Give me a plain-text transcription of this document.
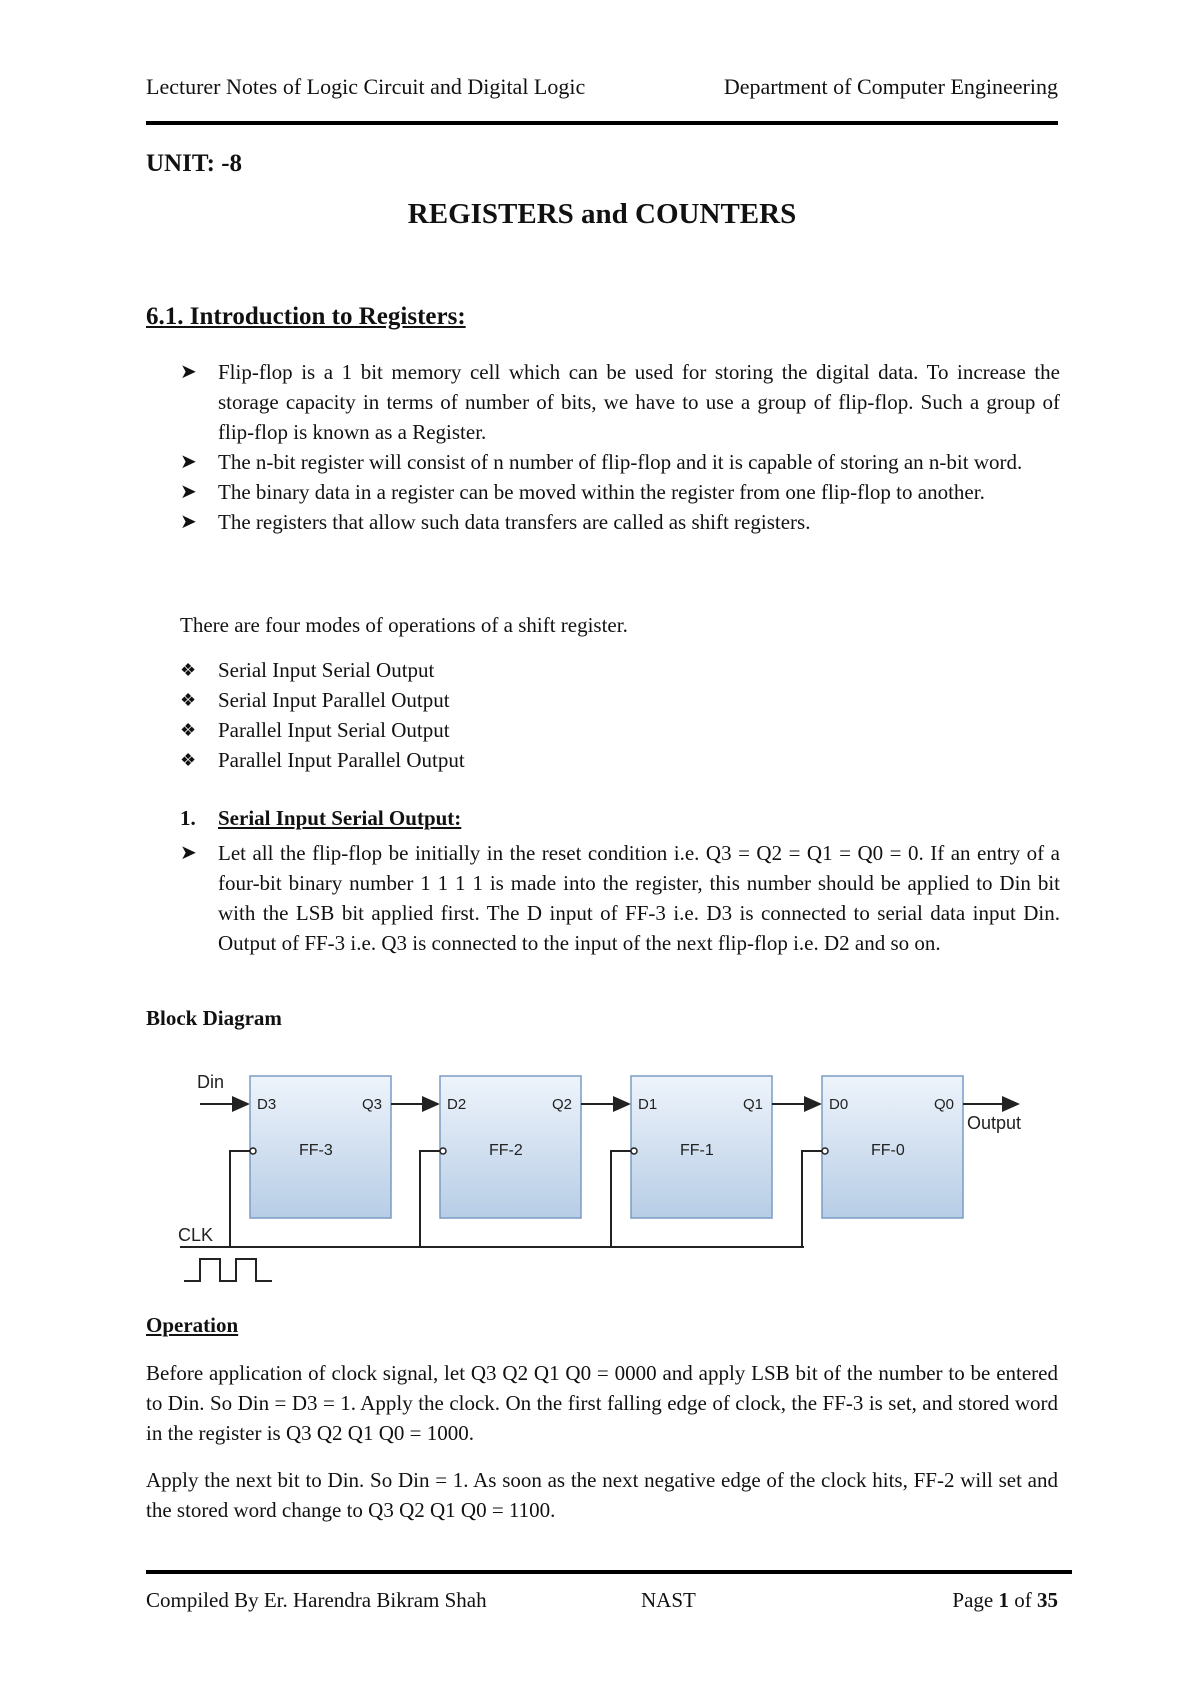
Lecturer Notes of Logic Circuit and Digital Logic	Department of Computer Engineering
UNIT: -8
REGISTERS and COUNTERS
6.1. Introduction to Registers:
➤ Flip-flop is a 1 bit memory cell which can be used for storing the digital data. To increase the storage capacity in terms of number of bits, we have to use a group of flip-flop. Such a group of flip-flop is known as a Register.
➤ The n-bit register will consist of n number of flip-flop and it is capable of storing an n-bit word.
➤ The binary data in a register can be moved within the register from one flip-flop to another.
➤ The registers that allow such data transfers are called as shift registers.

There are four modes of operations of a shift register.

❖ Serial Input Serial Output
❖ Serial Input Parallel Output
❖ Parallel Input Serial Output
❖ Parallel Input Parallel Output
1. Serial Input Serial Output:
➤ Let all the flip-flop be initially in the reset condition i.e. Q3 = Q2 = Q1 = Q0 = 0. If an entry of a four-bit binary number 1 1 1 1 is made into the register, this number should be applied to Din bit with the LSB bit applied first. The D input of FF-3 i.e. D3 is connected to serial data input Din. Output of FF-3 i.e. Q3 is connected to the input of the next flip-flop i.e. D2 and so on.
Block Diagram
Din
D3	Q3
FF-3
D2	Q2
FF-2
D1	Q1
FF-1
D0	Q0
FF-0
Output
CLK
Operation

Before application of clock signal, let Q3 Q2 Q1 Q0 = 0000 and apply LSB bit of the number to be entered to Din. So Din = D3 = 1. Apply the clock. On the first falling edge of clock, the FF-3 is set, and stored word in the register is Q3 Q2 Q1 Q0 = 1000.

Apply the next bit to Din. So Din = 1. As soon as the next negative edge of the clock hits, FF-2 will set and the stored word change to Q3 Q2 Q1 Q0 = 1100.

Compiled By Er. Harendra Bikram Shah	NAST	Page 1 of 35
